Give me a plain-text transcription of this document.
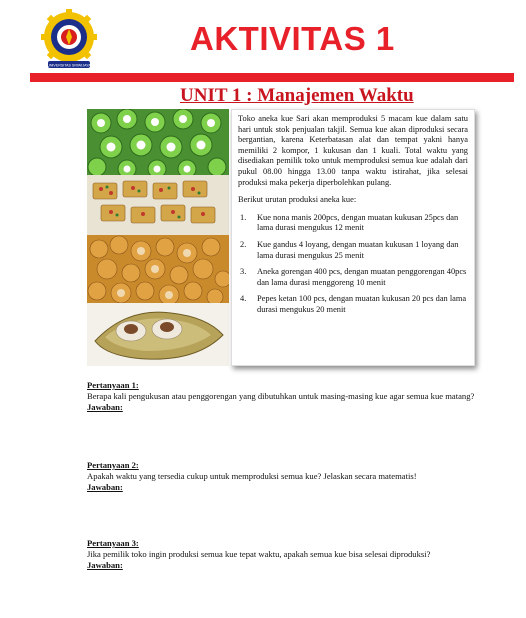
UNIVERSITAS SRIWIJAYA
AKTIVITAS 1
UNIT 1 : Manajemen Waktu

Toko aneka kue Sari akan memproduksi 5 macam kue dalam satu hari untuk stok penjualan takjil. Semua kue akan diproduksi secara bergantian, karena Keterbatasan alat dan tempat yakni hanya memiliki 2 kompor, 1 kukusan dan 1 kuali. Total waktu yang disediakan pemilik toko untuk memproduksi semua kue adalah dari pukul 08.00 hingga 13.00 tanpa waktu istirahat, jika selesai produksi maka pekerja diperbolehkan pulang.

Berikut urutan produksi aneka kue:

1.	Kue nona manis 200pcs, dengan muatan kukusan 25pcs dan lama durasi mengukus 12 menit
2.	Kue gandus 4 loyang, dengan muatan kukusan 1 loyang dan lama durasi mengukus 25 menit
3.	Aneka gorengan 400 pcs, dengan muatan penggorengan 40pcs dan lama durasi menggoreng 10 menit
4.	Pepes ketan 100 pcs, dengan muatan kukusan 20 pcs dan lama durasi mengukus 20 menit
Pertanyaan 1:
Berapa kali pengukusan atau penggorengan yang dibutuhkan untuk masing-masing kue agar semua kue matang?
Jawaban:
Pertanyaan 2:
Apakah waktu yang tersedia cukup untuk memproduksi semua kue? Jelaskan secara matematis!
Jawaban:
Pertanyaan 3:
Jika pemilik toko ingin produksi semua kue tepat waktu, apakah semua kue bisa selesai diproduksi?
Jawaban:
